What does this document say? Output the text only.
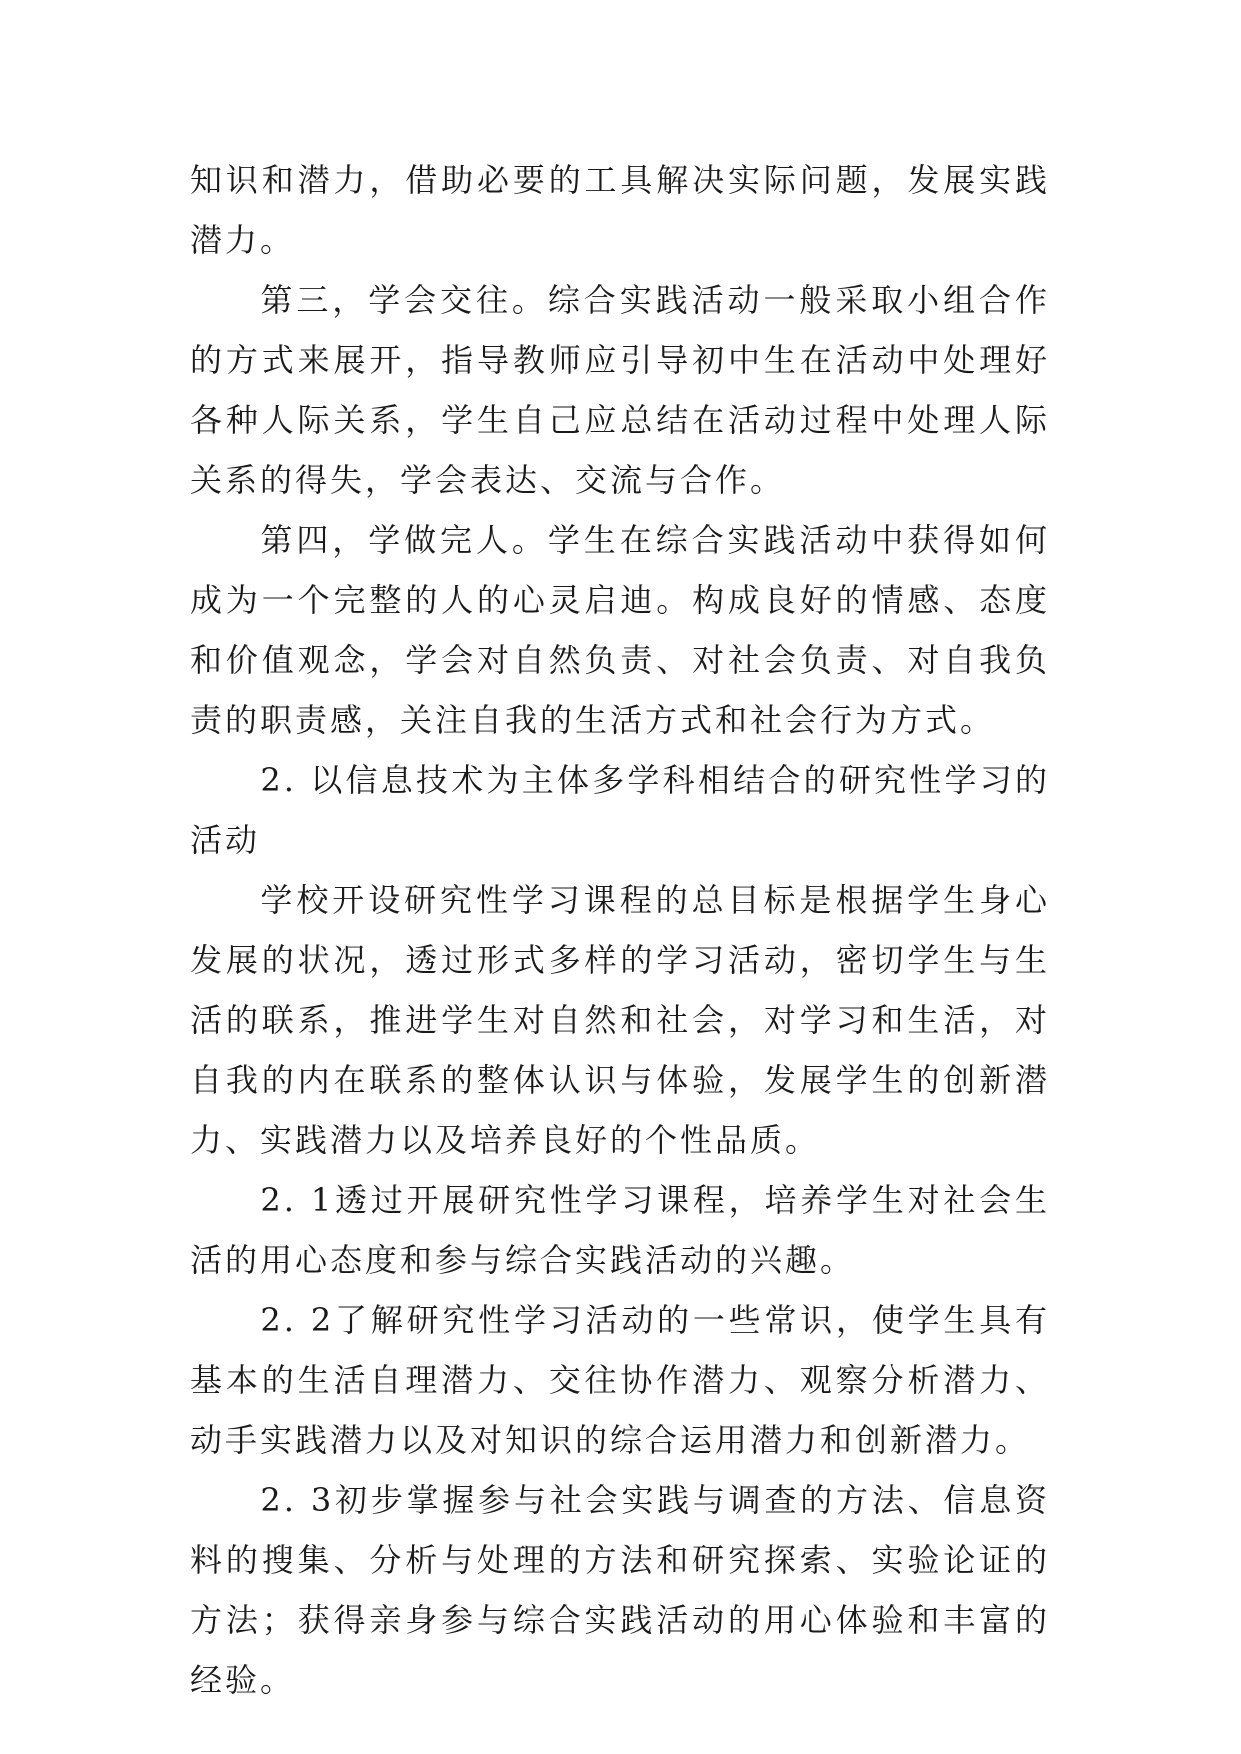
知识和潜力，借助必要的工具解决实际问题，发展实践潜力。

第三，学会交往。综合实践活动一般采取小组合作的方式来展开，指导教师应引导初中生在活动中处理好各种人际关系，学生自己应总结在活动过程中处理人际关系的得失，学会表达、交流与合作。

第四，学做完人。学生在综合实践活动中获得如何成为一个完整的人的心灵启迪。构成良好的情感、态度和价值观念，学会对自然负责、对社会负责、对自我负责的职责感，关注自我的生活方式和社会行为方式。

2. 以信息技术为主体多学科相结合的研究性学习的活动

学校开设研究性学习课程的总目标是根据学生身心发展的状况，透过形式多样的学习活动，密切学生与生活的联系，推进学生对自然和社会，对学习和生活，对自我的内在联系的整体认识与体验，发展学生的创新潜力、实践潜力以及培养良好的个性品质。

2. 1透过开展研究性学习课程，培养学生对社会生活的用心态度和参与综合实践活动的兴趣。

2. 2了解研究性学习活动的一些常识，使学生具有基本的生活自理潜力、交往协作潜力、观察分析潜力、动手实践潜力以及对知识的综合运用潜力和创新潜力。

2. 3初步掌握参与社会实践与调查的方法、信息资料的搜集、分析与处理的方法和研究探索、实验论证的方法；获得亲身参与综合实践活动的用心体验和丰富的经验。
